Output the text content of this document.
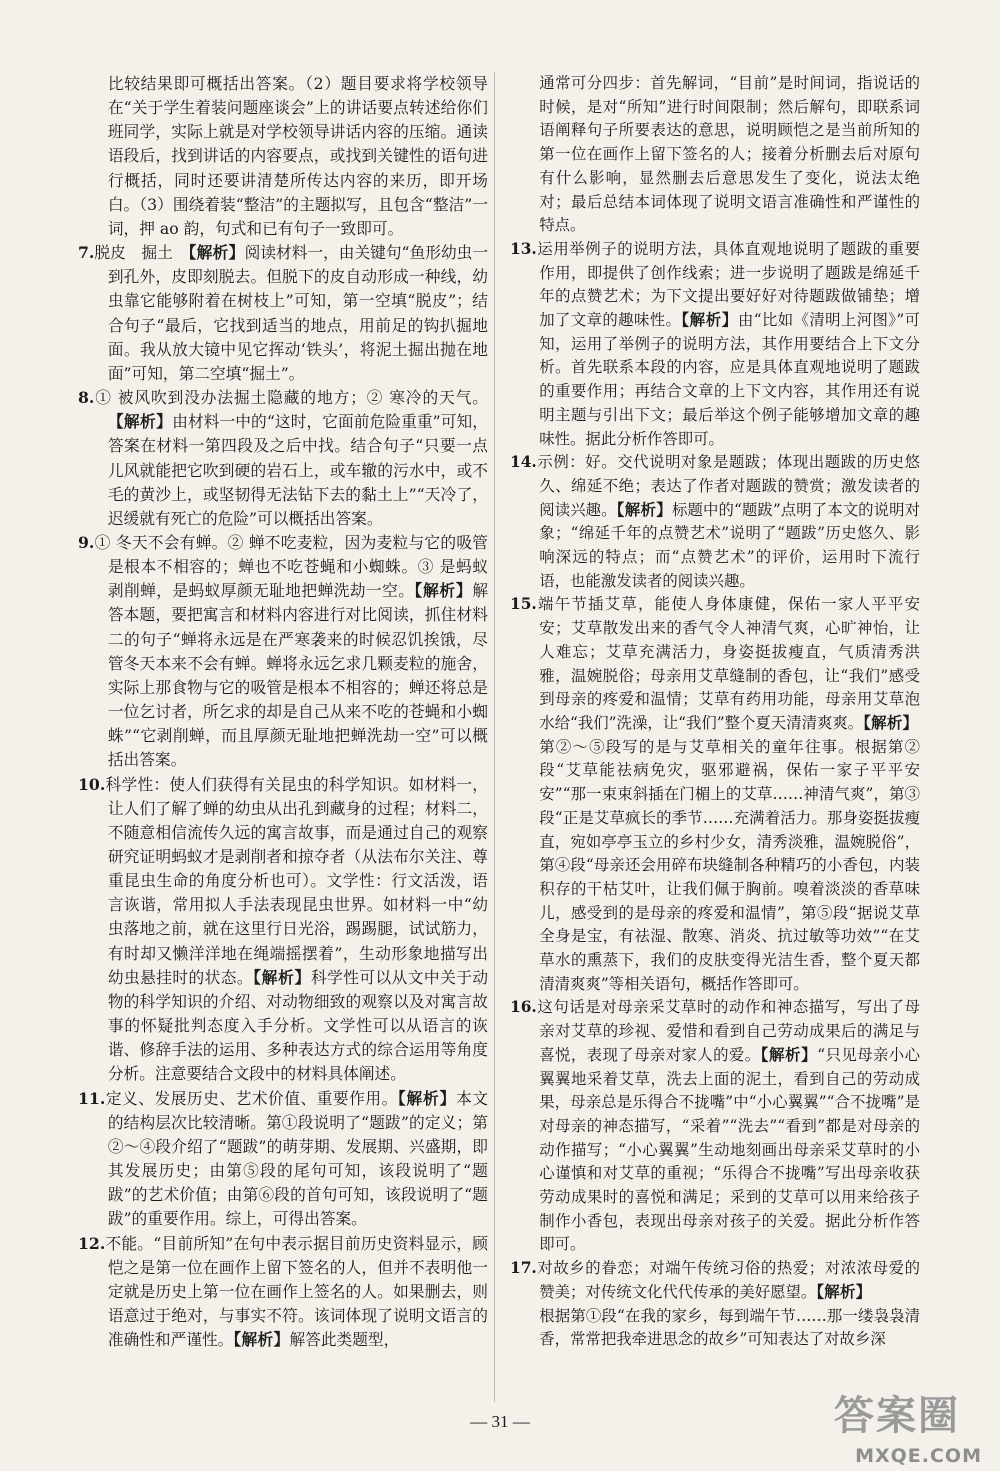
比较结果即可概括出答案。（2）题目要求将学校领导在“关于学生着装问题座谈会”上的讲话要点转述给你们班同学，实际上就是对学校领导讲话内容的压缩。通读语段后，找到讲话的内容要点，或找到关键性的语句进行概括，同时还要讲清楚所传达内容的来历，即开场白。（3）围绕着装“整洁”的主题拟写，且包含“整洁”一词，押 ao 韵，句式和已有句子一致即可。

7.脱皮　掘土　【解析】阅读材料一，由关键句“鱼形幼虫一到孔外，皮即刻脱去。但脱下的皮自动形成一种线，幼虫靠它能够附着在树枝上”可知，第一空填“脱皮”；结合句子“最后，它找到适当的地点，用前足的钩扒掘地面。我从放大镜中见它挥动‘铁头’，将泥土掘出抛在地面”可知，第二空填“掘土”。

8.① 被风吹到没办法掘土隐藏的地方；② 寒冷的天气。【解析】由材料一中的“这时，它面前危险重重”可知，答案在材料一第四段及之后中找。结合句子“只要一点儿风就能把它吹到硬的岩石上，或车辙的污水中，或不毛的黄沙上，或坚韧得无法钻下去的黏土上”“天冷了，迟缓就有死亡的危险”可以概括出答案。

9.① 冬天不会有蝉。② 蝉不吃麦粒，因为麦粒与它的吸管是根本不相容的；蝉也不吃苍蝇和小蜘蛛。③ 是蚂蚁剥削蝉，是蚂蚁厚颜无耻地把蝉洗劫一空。【解析】解答本题，要把寓言和材料内容进行对比阅读，抓住材料二的句子“蝉将永远是在严寒袭来的时候忍饥挨饿，尽管冬天本来不会有蝉。蝉将永远乞求几颗麦粒的施舍，实际上那食物与它的吸管是根本不相容的；蝉还将总是一位乞讨者，所乞求的却是自己从来不吃的苍蝇和小蜘蛛”“它剥削蝉，而且厚颜无耻地把蝉洗劫一空”可以概括出答案。

10.科学性：使人们获得有关昆虫的科学知识。如材料一，让人们了解了蝉的幼虫从出孔到藏身的过程；材料二，不随意相信流传久远的寓言故事，而是通过自己的观察研究证明蚂蚁才是剥削者和掠夺者（从法布尔关注、尊重昆虫生命的角度分析也可）。文学性：行文活泼，语言诙谐，常用拟人手法表现昆虫世界。如材料一中“幼虫落地之前，就在这里行日光浴，踢踢腿，试试筋力，有时却又懒洋洋地在绳端摇摆着”，生动形象地描写出幼虫悬挂时的状态。【解析】科学性可以从文中关于动物的科学知识的介绍、对动物细致的观察以及对寓言故事的怀疑批判态度入手分析。文学性可以从语言的诙谐、修辞手法的运用、多种表达方式的综合运用等角度分析。注意要结合文段中的材料具体阐述。

11.定义、发展历史、艺术价值、重要作用。【解析】本文的结构层次比较清晰。第①段说明了“题跋”的定义；第②～④段介绍了“题跋”的萌芽期、发展期、兴盛期，即其发展历史；由第⑤段的尾句可知，该段说明了“题跋”的艺术价值；由第⑥段的首句可知，该段说明了“题跋”的重要作用。综上，可得出答案。

12.不能。“目前所知”在句中表示据目前历史资料显示，顾恺之是第一位在画作上留下签名的人，但并不表明他一定就是历史上第一位在画作上签名的人。如果删去，则语意过于绝对，与事实不符。该词体现了说明文语言的准确性和严谨性。【解析】解答此类题型，

通常可分四步：首先解词，“目前”是时间词，指说话的时候，是对“所知”进行时间限制；然后解句，即联系词语阐释句子所要表达的意思，说明顾恺之是当前所知的第一位在画作上留下签名的人；接着分析删去后对原句有什么影响，显然删去后意思发生了变化，说法太绝对；最后总结本词体现了说明文语言准确性和严谨性的特点。

13.运用举例子的说明方法，具体直观地说明了题跋的重要作用，即提供了创作线索；进一步说明了题跋是绵延千年的点赞艺术；为下文提出要好好对待题跋做铺垫；增加了文章的趣味性。【解析】由“比如《清明上河图》”可知，运用了举例子的说明方法，其作用要结合上下文分析。首先联系本段的内容，应是具体直观地说明了题跋的重要作用；再结合文章的上下文内容，其作用还有说明主题与引出下文；最后举这个例子能够增加文章的趣味性。据此分析作答即可。

14.示例：好。交代说明对象是题跋；体现出题跋的历史悠久、绵延不绝；表达了作者对题跋的赞赏；激发读者的阅读兴趣。【解析】标题中的“题跋”点明了本文的说明对象；“绵延千年的点赞艺术”说明了“题跋”历史悠久、影响深远的特点；而“点赞艺术”的评价，运用时下流行语，也能激发读者的阅读兴趣。

15.端午节插艾草，能使人身体康健，保佑一家人平平安安；艾草散发出来的香气令人神清气爽，心旷神怡，让人难忘；艾草充满活力，身姿挺拔瘦直，气质清秀洪雅，温婉脱俗；母亲用艾草缝制的香包，让“我们”感受到母亲的疼爱和温情；艾草有药用功能，母亲用艾草泡水给“我们”洗澡，让“我们”整个夏天清清爽爽。【解析】

第②～⑤段写的是与艾草相关的童年往事。根据第②段“艾草能祛病免灾，驱邪避祸，保佑一家子平平安安”“那一束束斜插在门楣上的艾草……神清气爽”，第③段“正是艾草疯长的季节……充满着活力。那身姿挺拔瘦直，宛如亭亭玉立的乡村少女，清秀淡雅，温婉脱俗”，第④段“母亲还会用碎布块缝制各种精巧的小香包，内装积存的干枯艾叶，让我们佩于胸前。嗅着淡淡的香草味儿，感受到的是母亲的疼爱和温情”，第⑤段“据说艾草全身是宝，有祛湿、散寒、消炎、抗过敏等功效”“在艾草水的熏蒸下，我们的皮肤变得光洁生香，整个夏天都清清爽爽”等相关语句，概括作答即可。

16.这句话是对母亲采艾草时的动作和神态描写，写出了母亲对艾草的珍视、爱惜和看到自己劳动成果后的满足与喜悦，表现了母亲对家人的爱。【解析】“只见母亲小心翼翼地采着艾草，洗去上面的泥土，看到自己的劳动成果，母亲总是乐得合不拢嘴”中“小心翼翼”“合不拢嘴”是对母亲的神态描写，“采着”“洗去”“看到”都是对母亲的动作描写；“小心翼翼”生动地刻画出母亲采艾草时的小心谨慎和对艾草的重视；“乐得合不拢嘴”写出母亲收获劳动成果时的喜悦和满足；采到的艾草可以用来给孩子制作小香包，表现出母亲对孩子的关爱。据此分析作答即可。

17.对故乡的眷恋；对端午传统习俗的热爱；对浓浓母爱的赞美；对传统文化代代传承的美好愿望。【解析】

根据第①段“在我的家乡，每到端午节……那一缕袅袅清香，常常把我牵进思念的故乡”可知表达了对故乡深

— 31 —	答案圈
MXQE.COM
